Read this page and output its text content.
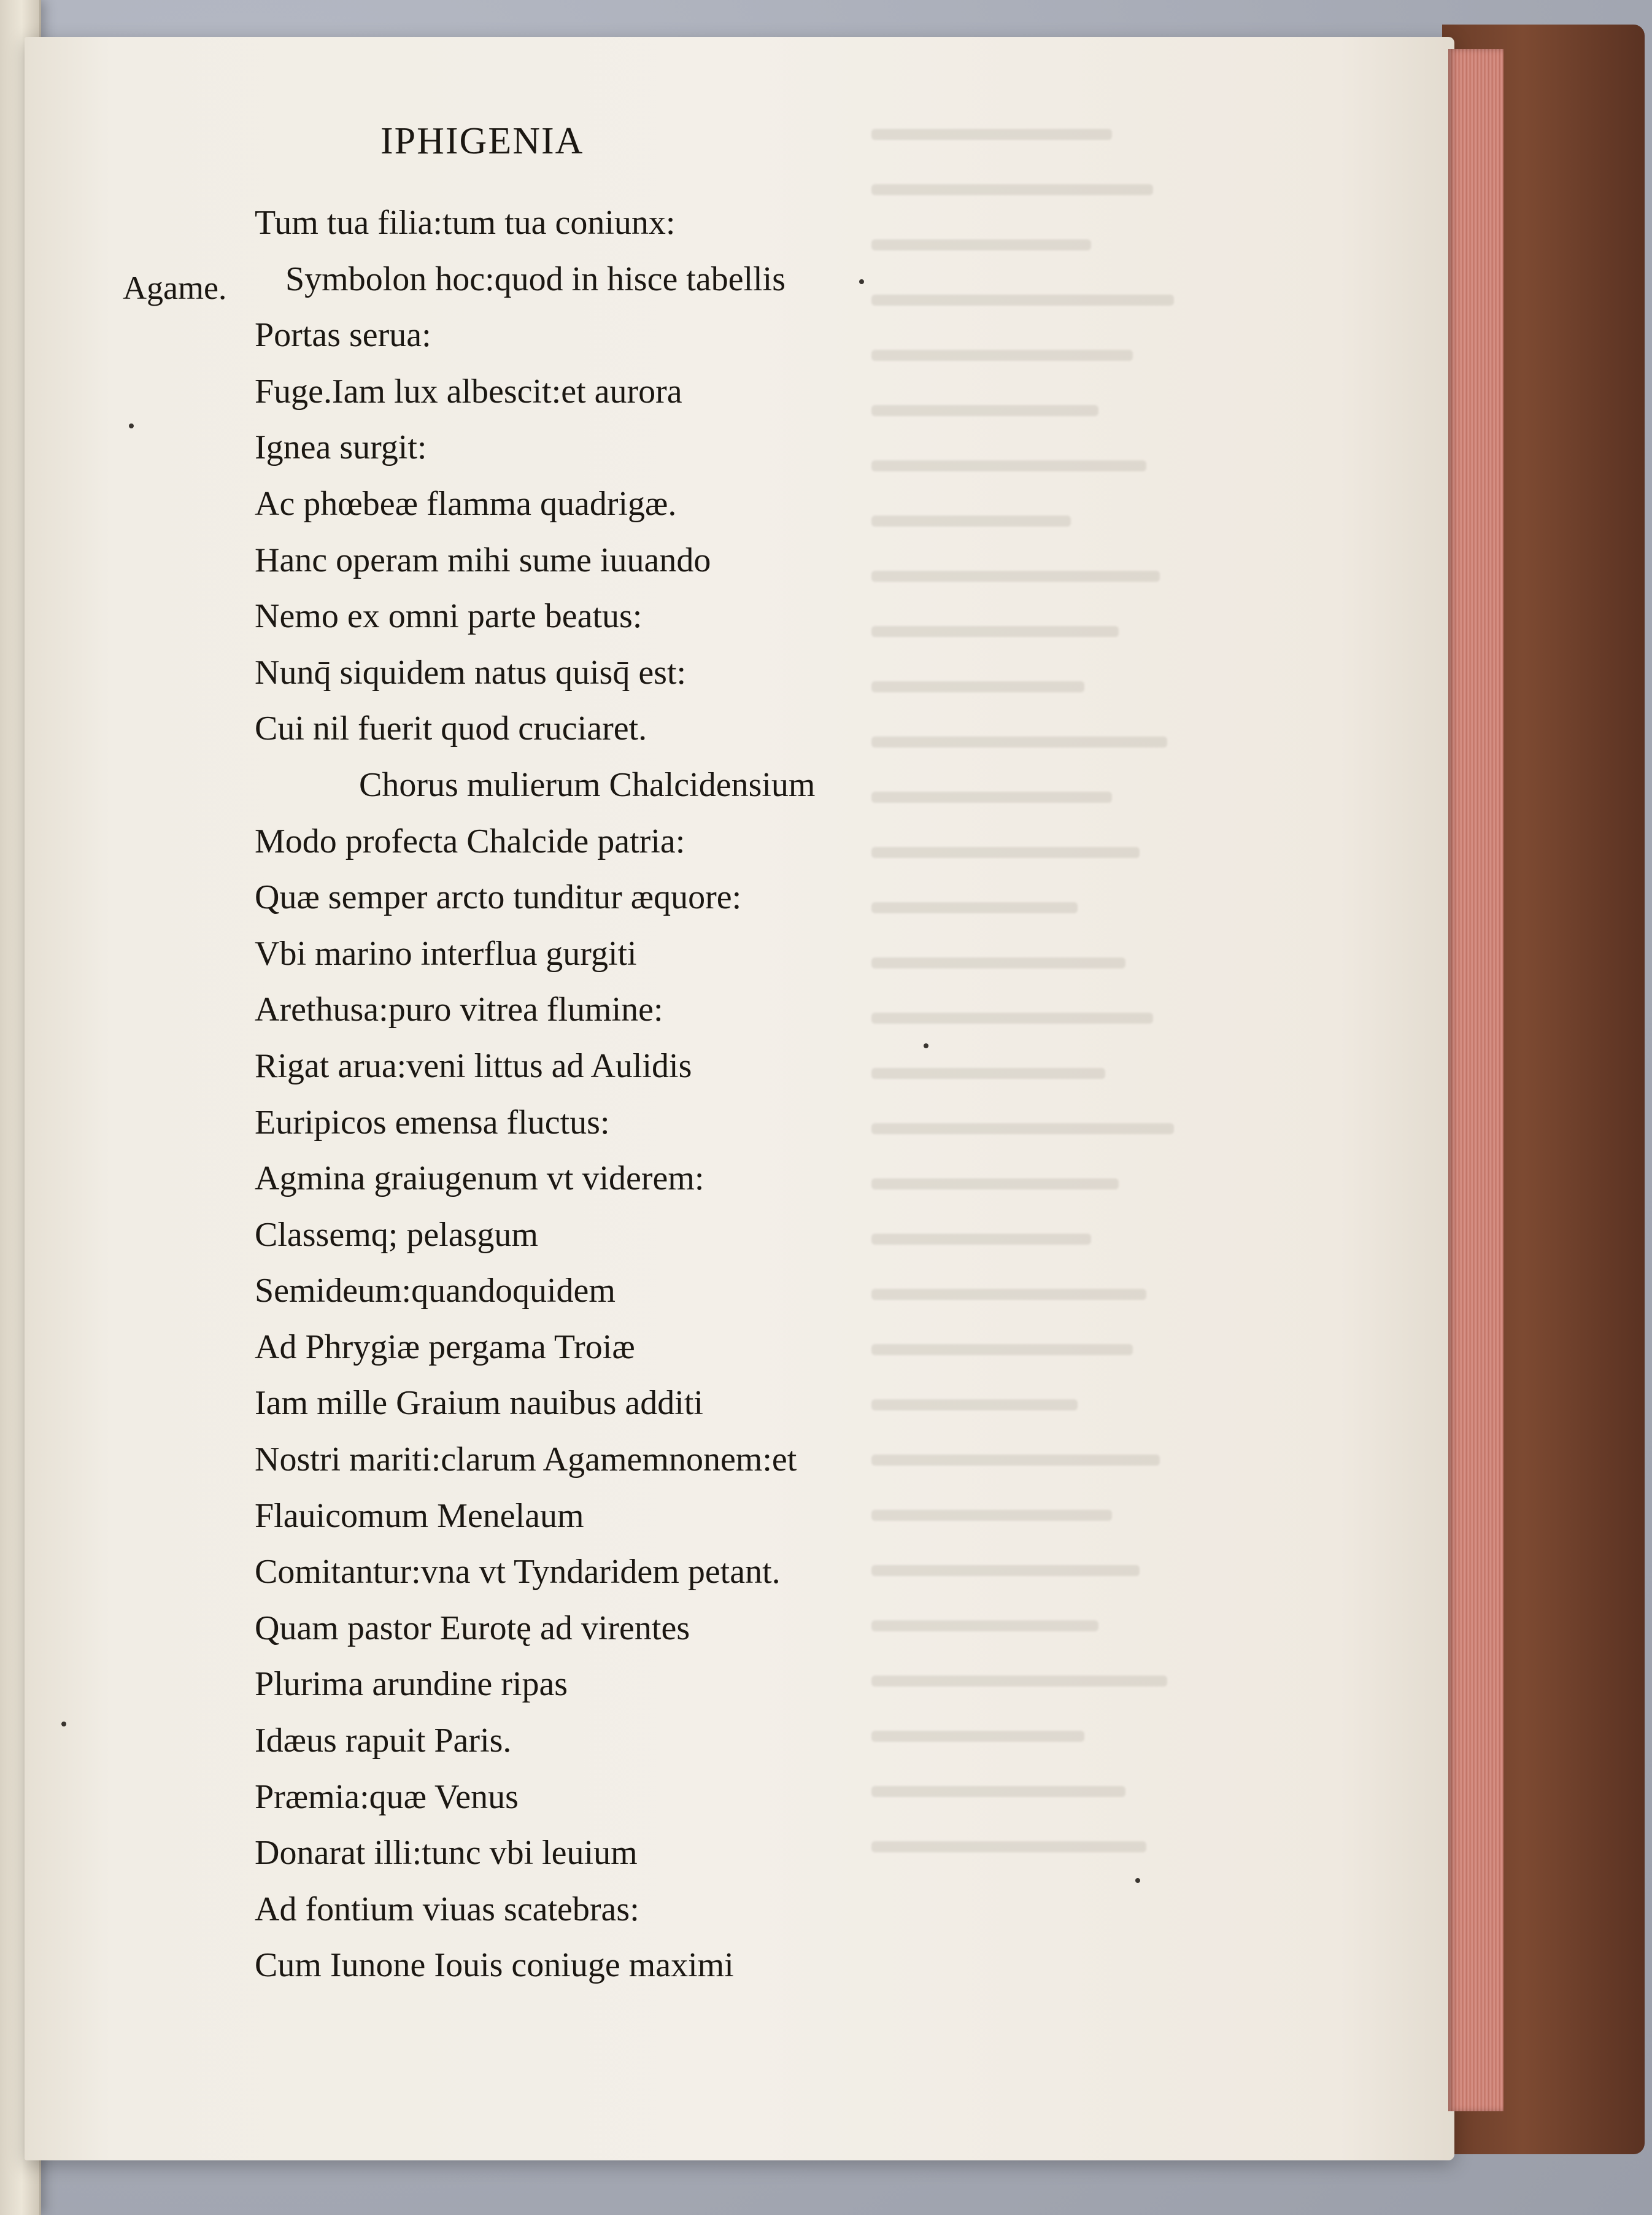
IPHIGENIA
Agame.
Tum tua filia:tum tua coniunx:
Symbolon hoc:quod in hisce tabellis
Portas serua:
Fuge.Iam lux albescit:et aurora
Ignea surgit:
Ac phœbeæ flamma quadrigæ.
Hanc operam mihi sume iuuando
Nemo ex omni parte beatus:
Nunq̄ siquidem natus quisq̄ est:
Cui nil fuerit quod cruciaret.
Chorus mulierum Chalcidensium
Modo profecta Chalcide patria:
Quæ semper arcto tunditur æquore:
Vbi marino interflua gurgiti
Arethusa:puro vitrea flumine:
Rigat arua:veni littus ad Aulidis
Euripicos emensa fluctus:
Agmina graiugenum vt viderem:
Classemq; pelasgum
Semideum:quandoquidem
Ad Phrygiæ pergama Troiæ
Iam mille Graium nauibus additi
Nostri mariti:clarum Agamemnonem:et
Flauicomum Menelaum
Comitantur:vna vt Tyndaridem petant.
Quam pastor Eurotę ad virentes
Plurima arundine ripas
Idæus rapuit Paris.
Præmia:quæ Venus
Donarat illi:tunc vbi leuium
Ad fontium viuas scatebras:
Cum Iunone Iouis coniuge maximi
